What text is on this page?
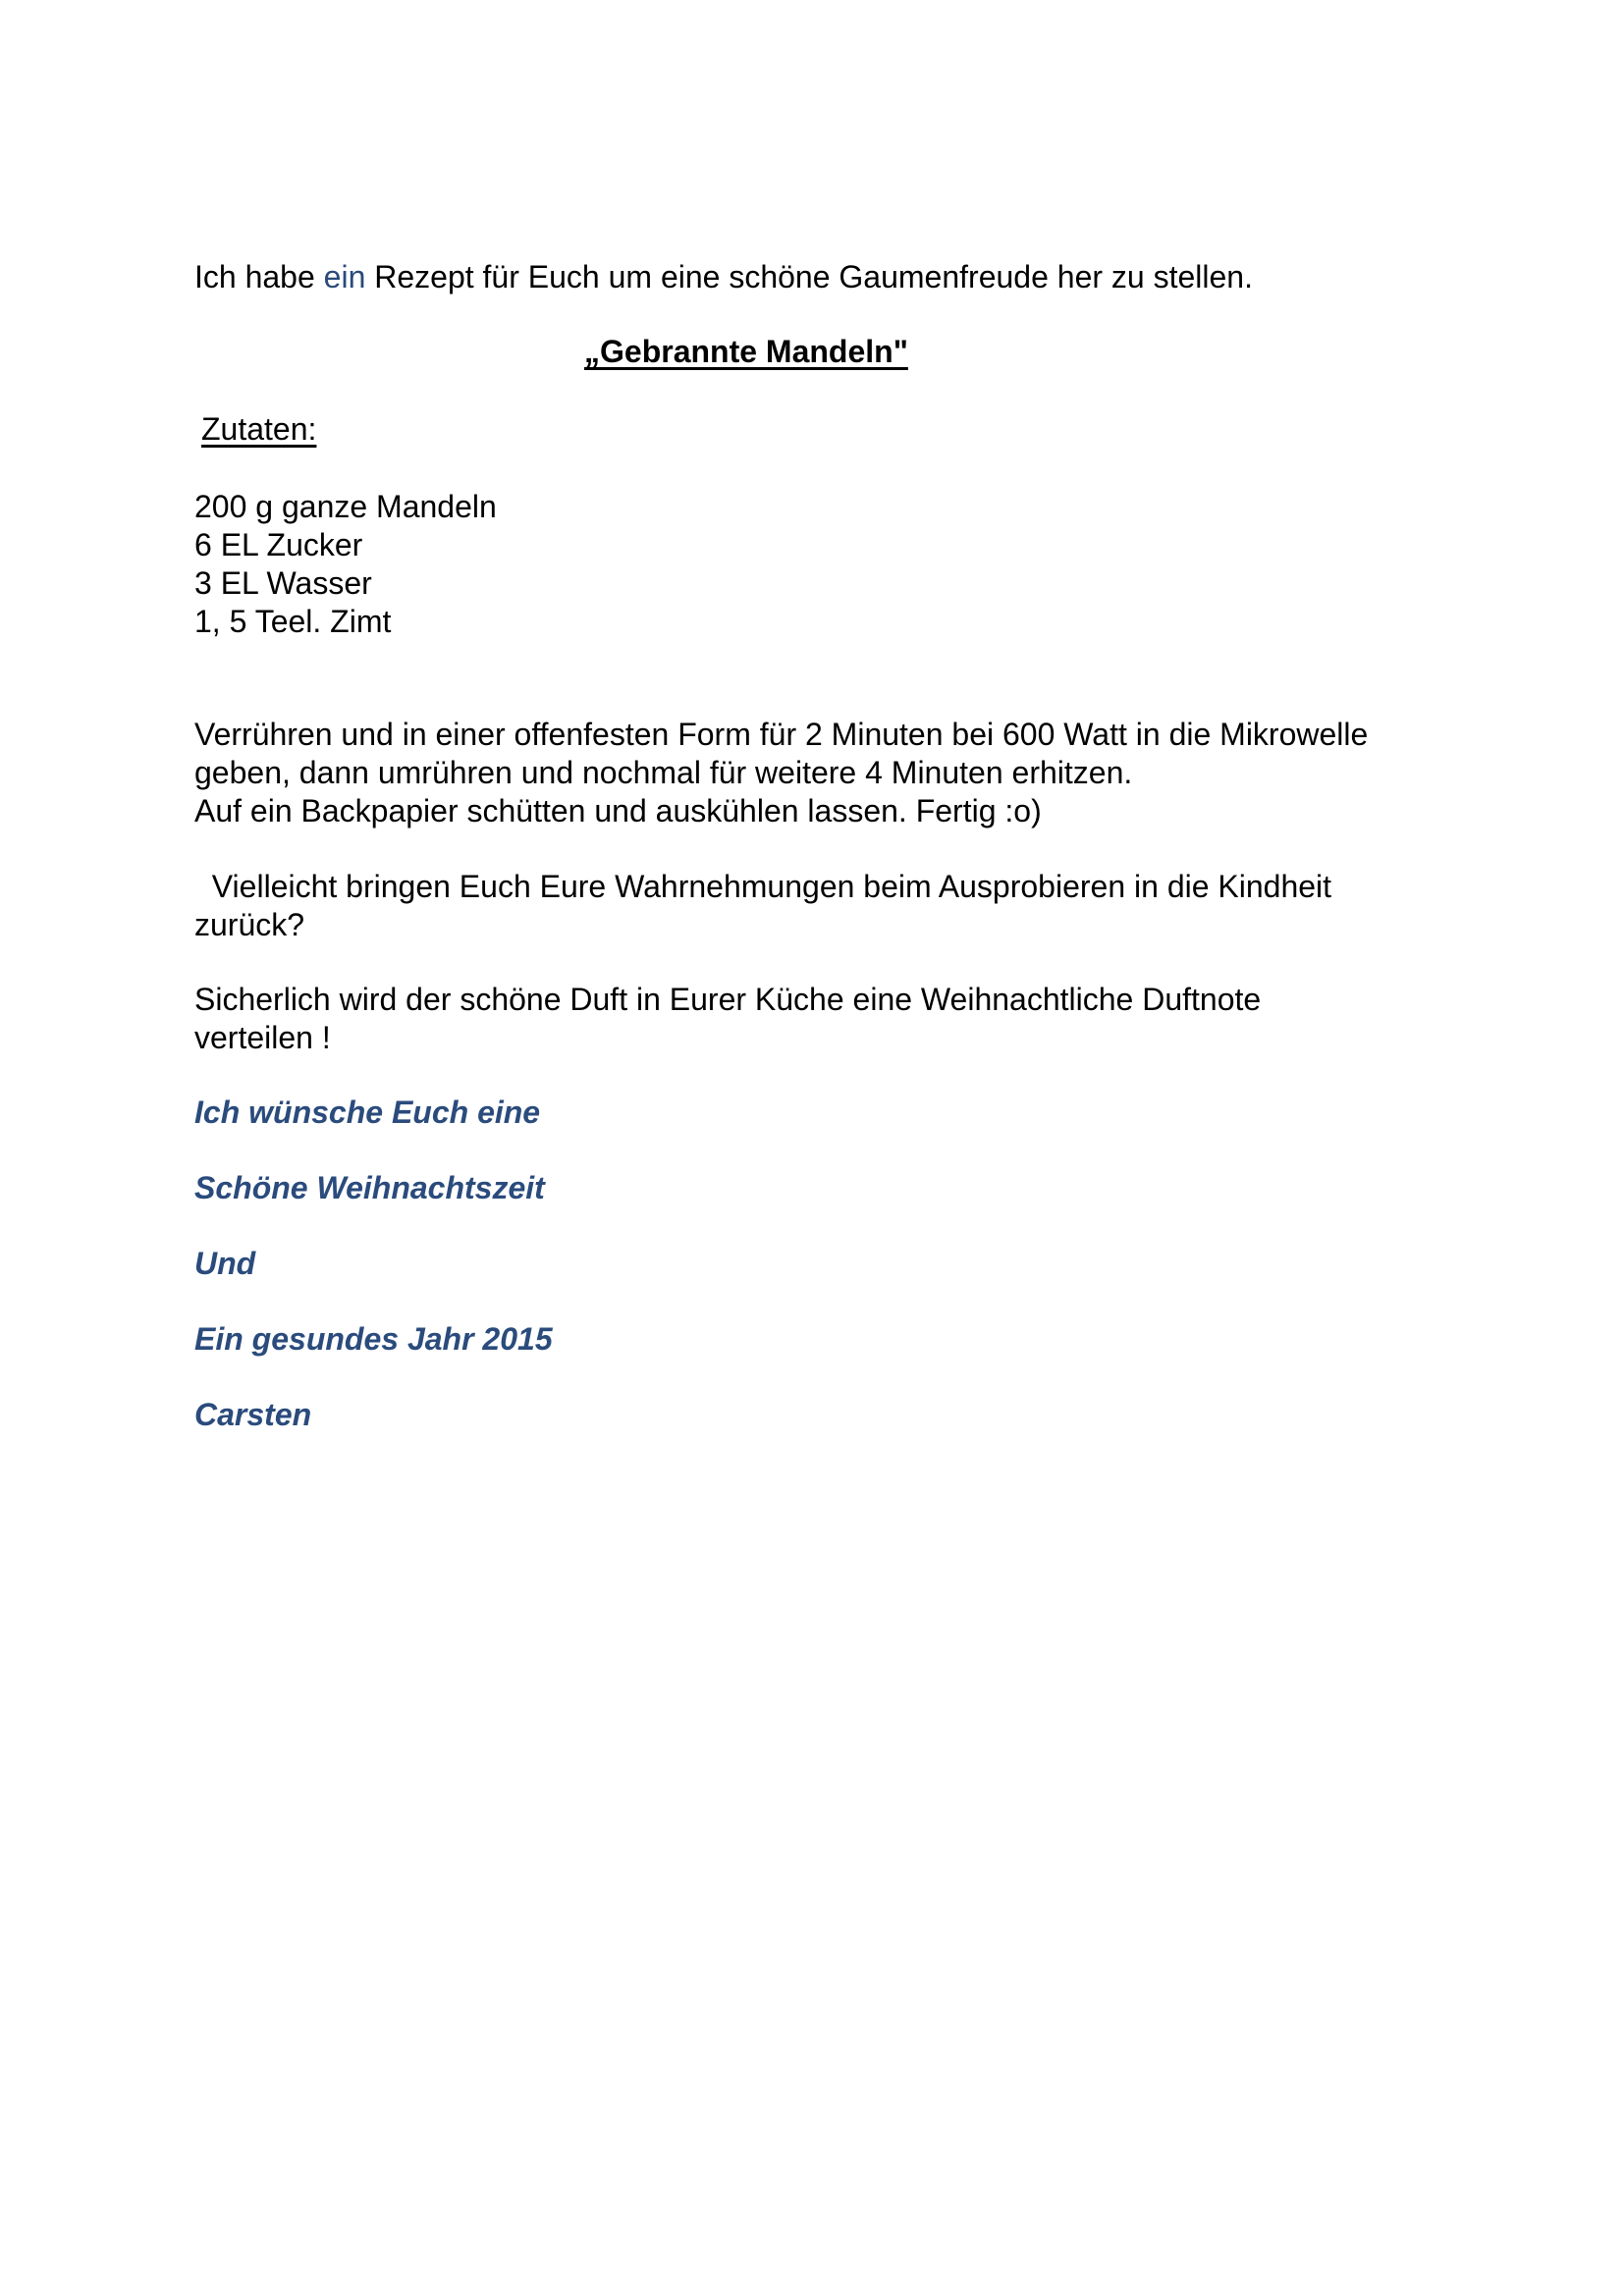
Ich habe ein Rezept für Euch um eine schöne Gaumenfreude her zu stellen.

„Gebrannte Mandeln"

Zutaten:

200 g ganze Mandeln
6 EL Zucker
3 EL Wasser
1, 5 Teel. Zimt
Verrühren und in einer offenfesten Form für 2 Minuten bei 600 Watt in die Mikrowelle
geben, dann umrühren und nochmal für weitere 4 Minuten erhitzen.
Auf ein Backpapier schütten und auskühlen lassen. Fertig :o)
Vielleicht bringen Euch Eure Wahrnehmungen beim Ausprobieren in die Kindheit
zurück?
Sicherlich wird der schöne Duft in Eurer Küche eine Weihnachtliche Duftnote
verteilen !

Ich wünsche Euch eine

Schöne Weihnachtszeit

Und

Ein gesundes Jahr 2015

Carsten
